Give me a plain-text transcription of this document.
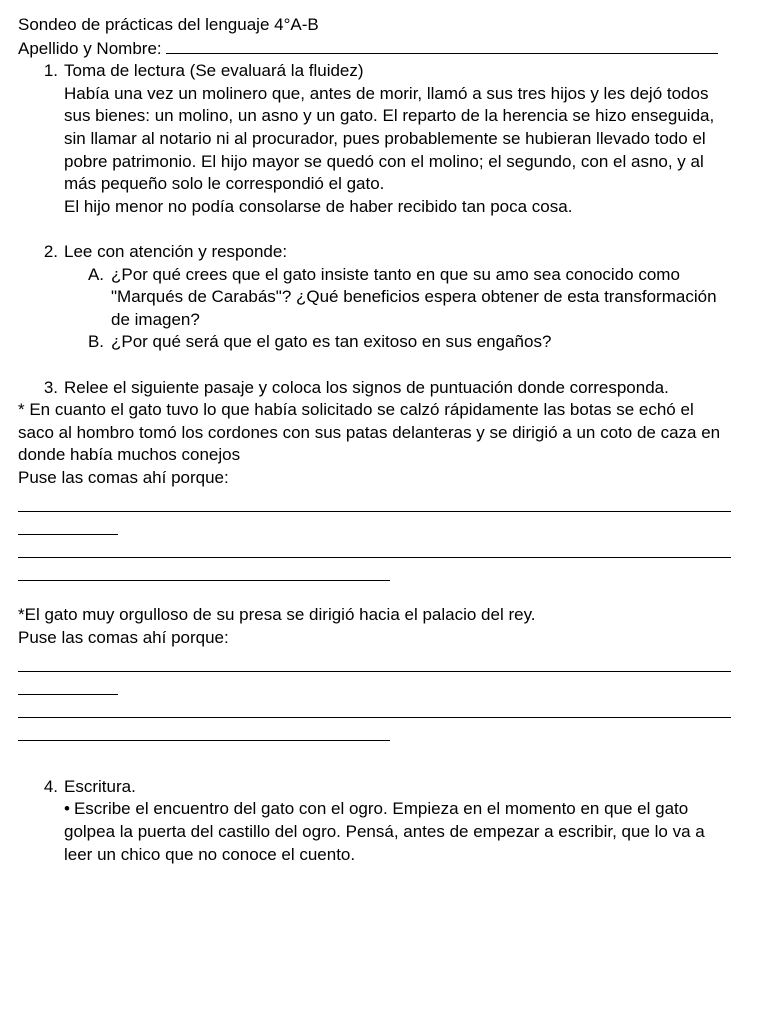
Sondeo de prácticas del lenguaje 4°A-B
Apellido y Nombre:
1. Toma de lectura (Se evaluará la fluidez)
Había una vez un molinero que, antes de morir, llamó a sus tres hijos y les dejó todos sus bienes: un molino, un asno y un gato. El reparto de la herencia se hizo enseguida, sin llamar al notario ni al procurador, pues probablemente se hubieran llevado todo el pobre patrimonio. El hijo mayor se quedó con el molino; el segundo, con el asno, y al más pequeño solo le correspondió el gato.
El hijo menor no podía consolarse de haber recibido tan poca cosa.
2. Lee con atención y responde:
A. ¿Por qué crees que el gato insiste tanto en que su amo sea conocido como "Marqués de Carabás"? ¿Qué beneficios espera obtener de esta transformación de imagen?
B. ¿Por qué será que el gato es tan exitoso en sus engaños?
3. Relee el siguiente pasaje y coloca los signos de puntuación donde corresponda.
* En cuanto el gato tuvo lo que había solicitado se calzó rápidamente las botas se echó el saco al hombro tomó los cordones con sus patas delanteras y se dirigió a un coto de caza en donde había muchos conejos
Puse las comas ahí porque:
*El gato muy orgulloso de su presa se dirigió hacia el palacio del rey.
Puse las comas ahí porque:
4. Escritura.
• Escribe el encuentro del gato con el ogro. Empieza en el momento en que el gato golpea la puerta del castillo del ogro. Pensá, antes de empezar a escribir, que lo va a leer un chico que no conoce el cuento.
